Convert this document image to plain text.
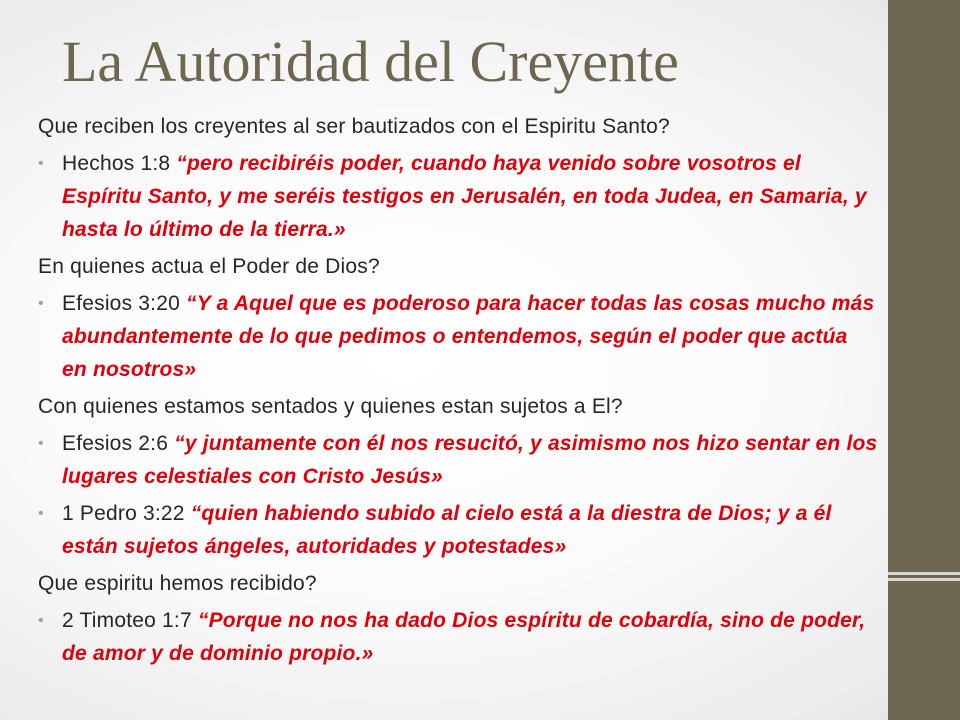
La Autoridad del Creyente

Que reciben los creyentes al ser bautizados con el Espiritu Santo?

• Hechos 1:8 “pero recibiréis poder, cuando haya venido sobre vosotros el Espíritu Santo, y me seréis testigos en Jerusalén, en toda Judea, en Samaria, y hasta lo último de la tierra.»

En quienes actua el Poder de Dios?

• Efesios 3:20 “Y a Aquel que es poderoso para hacer todas las cosas mucho más abundantemente de lo que pedimos o entendemos, según el poder que actúa en nosotros»

Con quienes estamos sentados y quienes estan sujetos a El?

• Efesios 2:6 “y juntamente con él nos resucitó, y asimismo nos hizo sentar en los lugares celestiales con Cristo Jesús»
• 1 Pedro 3:22 “quien habiendo subido al cielo está a la diestra de Dios; y a él están sujetos ángeles, autoridades y potestades»

Que espiritu hemos recibido?

• 2 Timoteo 1:7 “Porque no nos ha dado Dios espíritu de cobardía, sino de poder, de amor y de dominio propio.»
